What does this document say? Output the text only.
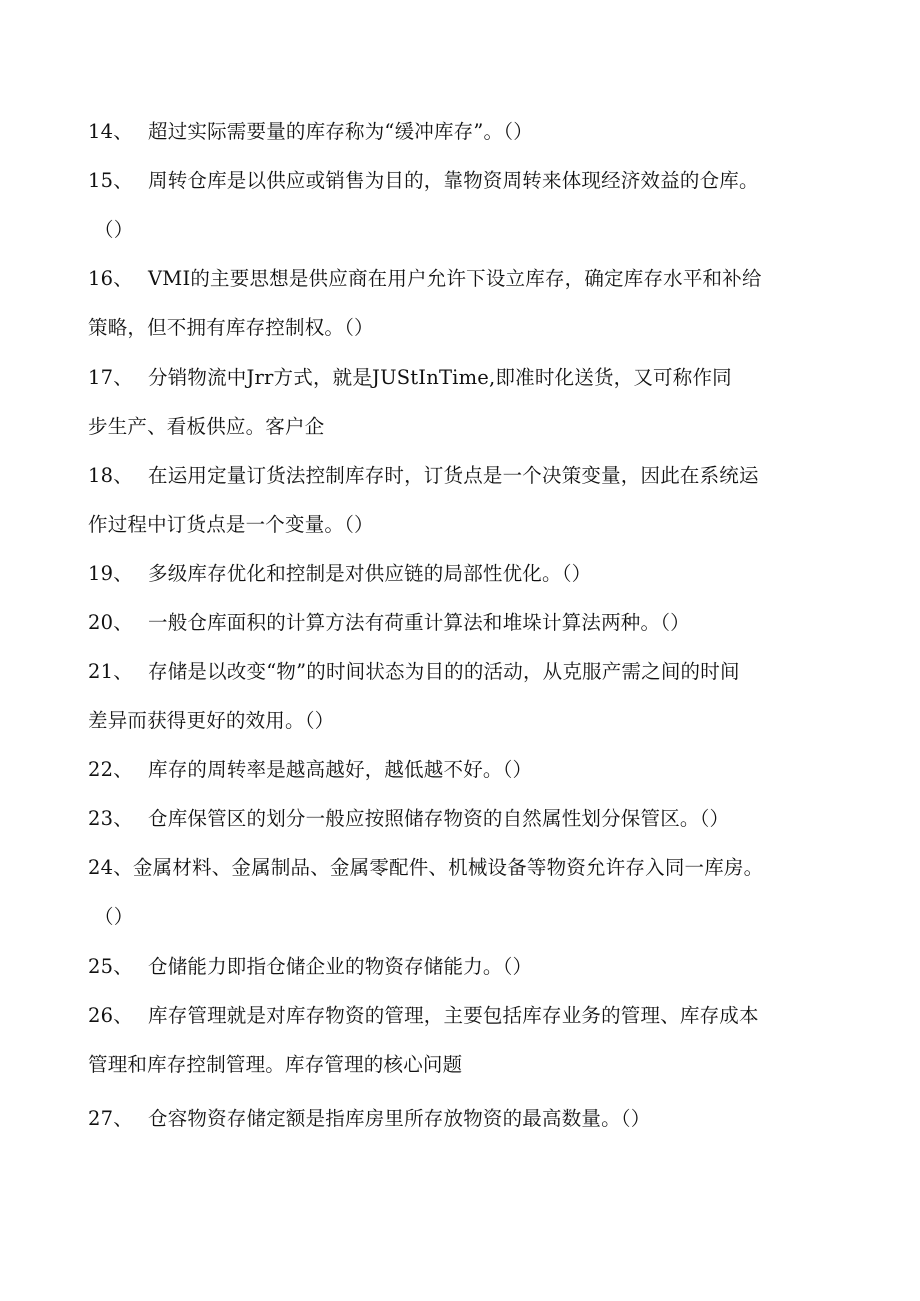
14、 超过实际需要量的库存称为“缓冲库存”。（）
15、 周转仓库是以供应或销售为目的，靠物资周转来体现经济效益的仓库。
（）
16、 VMI的主要思想是供应商在用户允许下设立库存，确定库存水平和补给
策略，但不拥有库存控制权。（）
17、 分销物流中Jrr方式，就是JUStInTime,即准时化送货，又可称作同
步生产、看板供应。客户企
18、 在运用定量订货法控制库存时，订货点是一个决策变量，因此在系统运
作过程中订货点是一个变量。（）
19、 多级库存优化和控制是对供应链的局部性优化。（）
20、 一般仓库面积的计算方法有荷重计算法和堆垛计算法两种。（）
21、 存储是以改变“物”的时间状态为目的的活动，从克服产需之间的时间
差异而获得更好的效用。（）
22、 库存的周转率是越高越好，越低越不好。（）
23、 仓库保管区的划分一般应按照储存物资的自然属性划分保管区。（）
24、金属材料、金属制品、金属零配件、机械设备等物资允许存入同一库房。
（）
25、 仓储能力即指仓储企业的物资存储能力。（）
26、 库存管理就是对库存物资的管理，主要包括库存业务的管理、库存成本
管理和库存控制管理。库存管理的核心问题
27、 仓容物资存储定额是指库房里所存放物资的最高数量。（）
